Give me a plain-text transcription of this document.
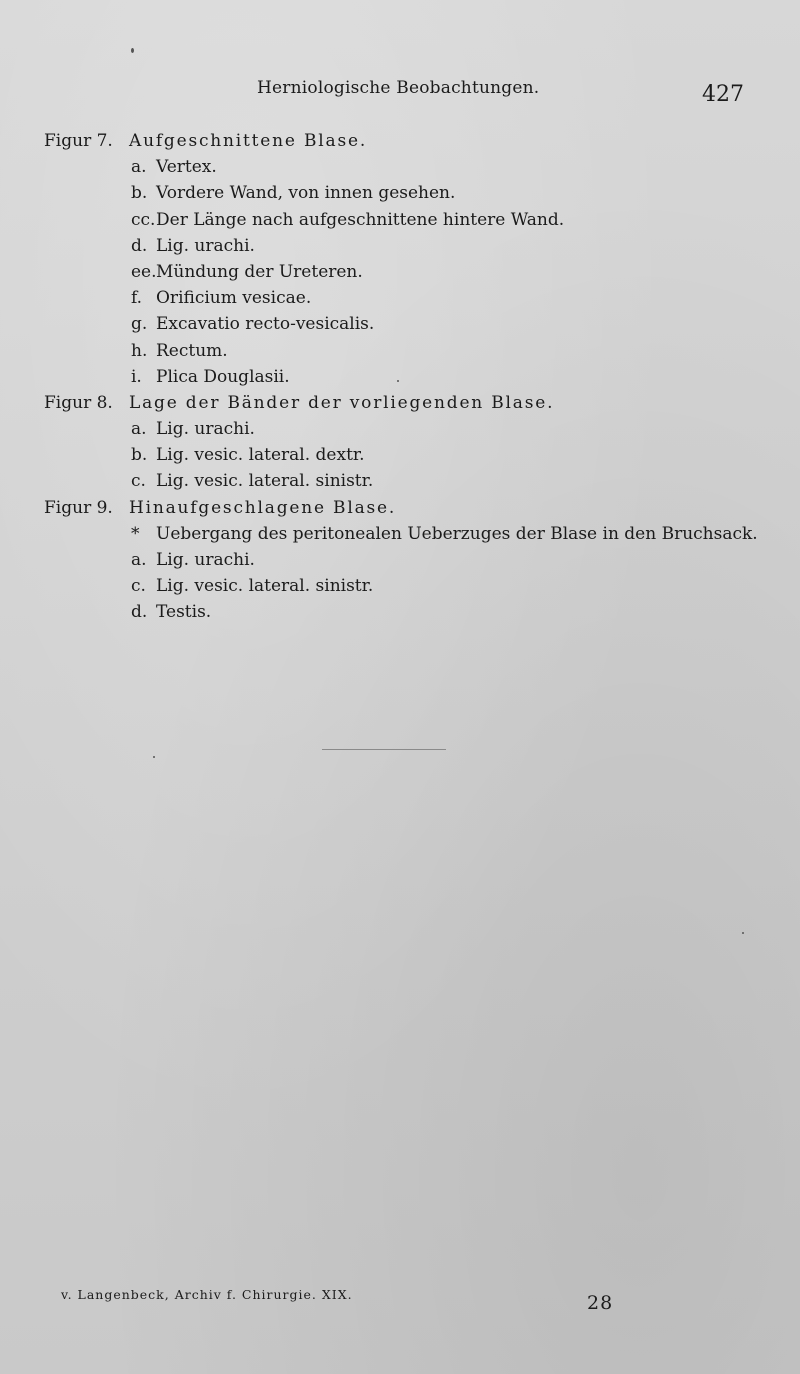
Herniologische Beobachtungen.	427
Figur 7. Aufgeschnittene Blase.
a. Vertex.
b. Vordere Wand, von innen gesehen.
cc. Der Länge nach aufgeschnittene hintere Wand.
d. Lig. urachi.
ee. Mündung der Ureteren.
f. Orificium vesicae.
g. Excavatio recto-vesicalis.
h. Rectum.
i. Plica Douglasii.
Figur 8. Lage der Bänder der vorliegenden Blase.
a. Lig. urachi.
b. Lig. vesic. lateral. dextr.
c. Lig. vesic. lateral. sinistr.
Figur 9. Hinaufgeschlagene Blase.
* Uebergang des peritonealen Ueberzuges der Blase in den Bruchsack.
a. Lig. urachi.
c. Lig. vesic. lateral. sinistr.
d. Testis.
v. Langenbeck, Archiv f. Chirurgie. XIX.	28
